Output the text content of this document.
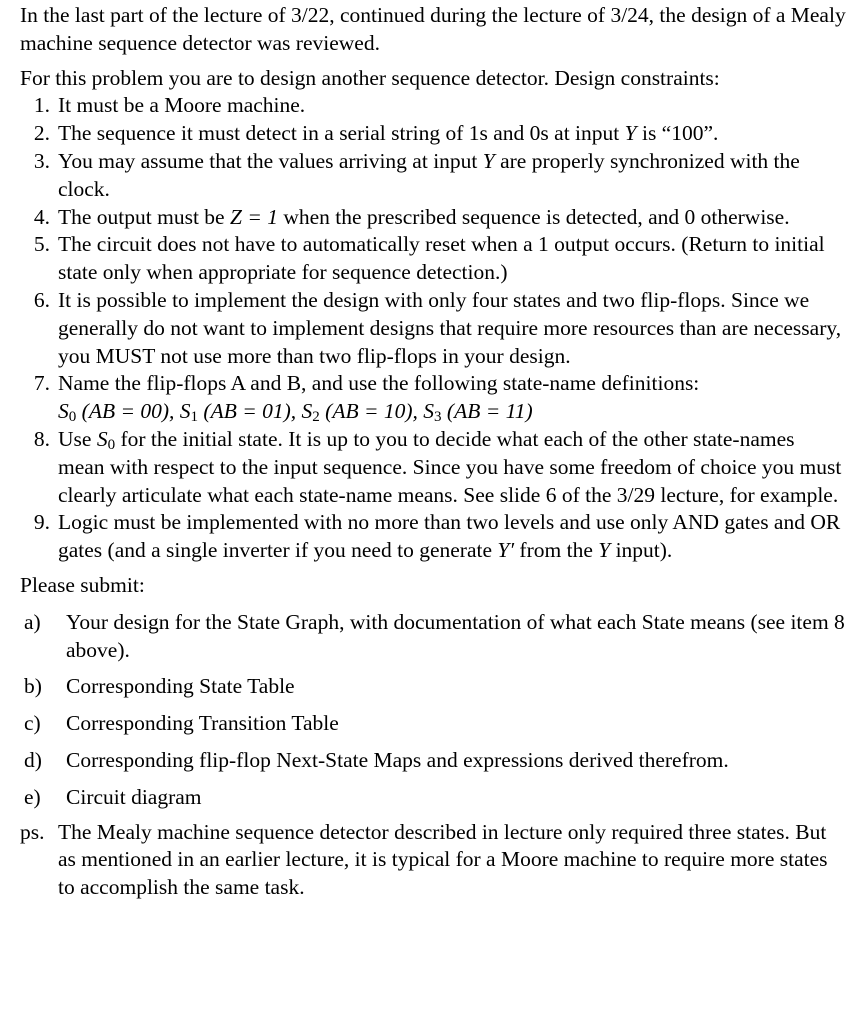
In the last part of the lecture of 3/22, continued during the lecture of 3/24, the design of a Mealy machine sequence detector was reviewed.

For this problem you are to design another sequence detector. Design constraints:

1. It must be a Moore machine.
2. The sequence it must detect in a serial string of 1s and 0s at input Y is “100”.
3. You may assume that the values arriving at input Y are properly synchronized with the clock.
4. The output must be Z = 1 when the prescribed sequence is detected, and 0 otherwise.
5. The circuit does not have to automatically reset when a 1 output occurs. (Return to initial state only when appropriate for sequence detection.)
6. It is possible to implement the design with only four states and two flip-flops. Since we generally do not want to implement designs that require more resources than are necessary, you MUST not use more than two flip-flops in your design.
7. Name the flip-flops A and B, and use the following state-name definitions:
$S_0$ (AB = 00), $S_1$ (AB = 01), $S_2$ (AB = 10), $S_3$ (AB = 11)
8. Use $S_0$ for the initial state. It is up to you to decide what each of the other state-names mean with respect to the input sequence. Since you have some freedom of choice you must clearly articulate what each state-name means. See slide 6 of the 3/29 lecture, for example.
9. Logic must be implemented with no more than two levels and use only AND gates and OR gates (and a single inverter if you need to generate Y′ from the Y input).

Please submit:

a)	Your design for the State Graph, with documentation of what each State means (see item 8 above).
b)	Corresponding State Table
c)	Corresponding Transition Table
d)	Corresponding flip-flop Next-State Maps and expressions derived therefrom.
e)	Circuit diagram
ps. The Mealy machine sequence detector described in lecture only required three states. But as mentioned in an earlier lecture, it is typical for a Moore machine to require more states to accomplish the same task.
